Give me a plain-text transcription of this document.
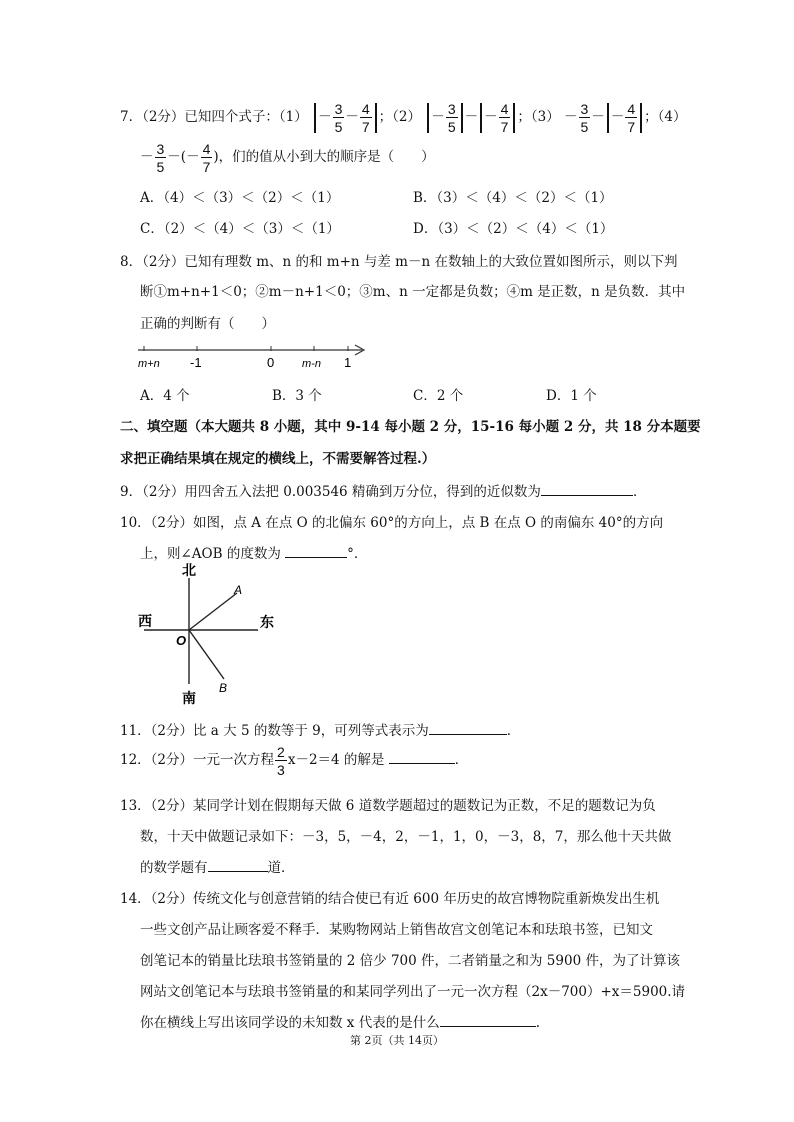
7．（2分）已知四个式子：$(1) - \frac{3}{5} - \frac{4}{7}$ ；$(2) - \frac{3}{5}$ － － $\frac{4}{7}$ ；$(3) - \frac{3}{5}$ － － $\frac{4}{7}$ ；（4）
－ $\frac{3}{5}$ －(－ $\frac{4}{7}$ )，们的值从小到大的顺序是（　　）
A．（4）＜（3）＜（2）＜（1）	B．（3）＜（4）＜（2）＜（1）
C．（2）＜（4）＜（3）＜（1）	D．（3）＜（2）＜（4）＜（1）
8．（2分）已知有理数 m、n 的和 m+n 与差 m－n 在数轴上的大致位置如图所示，则以下判
断①m+n+1＜0；②m－n+1＜0；③m、n 一定都是负数；④m 是正数，n 是负数．其中
正确的判断有（　　）
m+n -1	0	m-n 1
A．4 个	B．3 个	C．2 个	D．1 个
二、填空题（本大题共 8 小题，其中 9-14 每小题 2 分，15-16 每小题 2 分，共 18 分本题要
求把正确结果填在规定的横线上，不需要解答过程.）
9．（2分）用四舍五入法把 0.003546 精确到万分位，得到的近似数为	．
10．（2分）如图，点 A 在点 O 的北偏东 60°的方向上，点 B 在点 O 的南偏东 40°的方向
上，则∠AOB 的度数为	°．
北
南
西	东
O
A
B
11．（2分）比 a 大 5 的数等于 9，可列等式表示为	．
12．（2分）一元一次方程 $\frac{2}{3} x-2=4$ 的解是	．
13．（2分）某同学计划在假期每天做 6 道数学题超过的题数记为正数，不足的题数记为负
数，十天中做题记录如下：－3，5，－4，2，－1，1，0，－3，8，7，那么他十天共做
的数学题有	道．
14．（2分）传统文化与创意营销的结合使已有近 600 年历史的故宫博物院重新焕发出生机
一些文创产品让顾客爱不释手．某购物网站上销售故宫文创笔记本和珐琅书签，已知文
创笔记本的销量比珐琅书签销量的 2 倍少 700 件，二者销量之和为 5900 件，为了计算该
网站文创笔记本与珐琅书签销量的和某同学列出了一元一次方程（2x－700）+x＝5900.请
你在横线上写出该同学设的未知数 x 代表的是什么	.
第 2页（共 14页）
